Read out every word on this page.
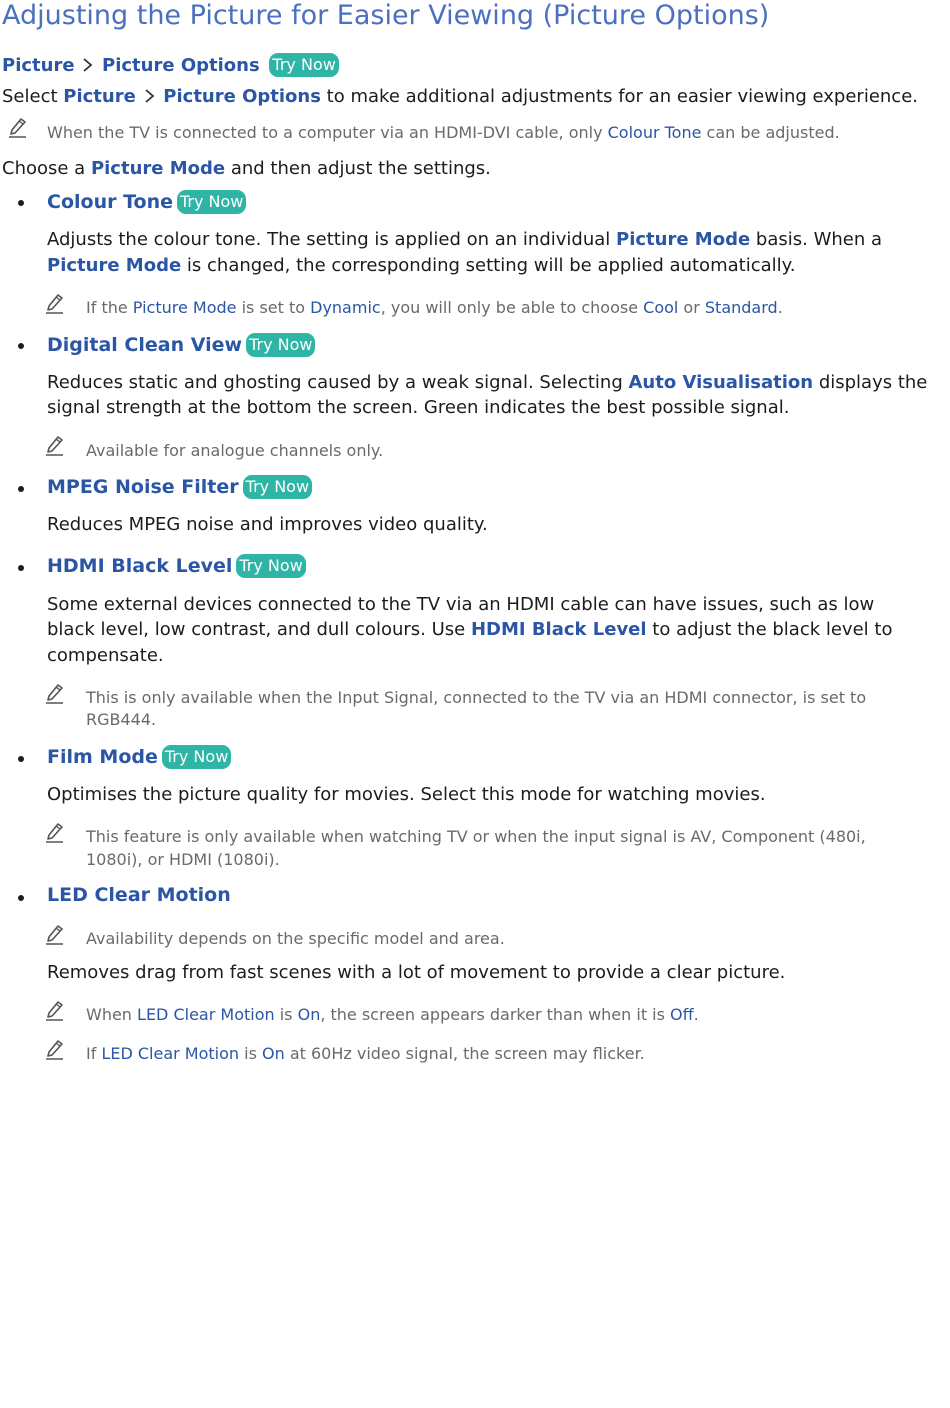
Adjusting the Picture for Easier Viewing (Picture Options)
Picture Picture Options Try Now
Select Picture Picture Options to make additional adjustments for an easier viewing experience.
When the TV is connected to a computer via an HDMI-DVI cable, only Colour Tone can be adjusted.
Choose a Picture Mode and then adjust the settings.
Colour Tone Try Now
Adjusts the colour tone. The setting is applied on an individual Picture Mode basis. When a
Picture Mode is changed, the corresponding setting will be applied automatically.
If the Picture Mode is set to Dynamic, you will only be able to choose Cool or Standard.
Digital Clean View Try Now
Reduces static and ghosting caused by a weak signal. Selecting Auto Visualisation displays the
signal strength at the bottom the screen. Green indicates the best possible signal.
Available for analogue channels only.
MPEG Noise Filter Try Now
Reduces MPEG noise and improves video quality.
HDMI Black Level Try Now
Some external devices connected to the TV via an HDMI cable can have issues, such as low
black level, low contrast, and dull colours. Use HDMI Black Level to adjust the black level to
compensate.
This is only available when the Input Signal, connected to the TV via an HDMI connector, is set to
RGB444.
Film Mode Try Now
Optimises the picture quality for movies. Select this mode for watching movies.
This feature is only available when watching TV or when the input signal is AV, Component (480i,
1080i), or HDMI (1080i).
LED Clear Motion
Availability depends on the specific model and area.
Removes drag from fast scenes with a lot of movement to provide a clear picture.
When LED Clear Motion is On, the screen appears darker than when it is Off.
If LED Clear Motion is On at 60Hz video signal, the screen may flicker.
